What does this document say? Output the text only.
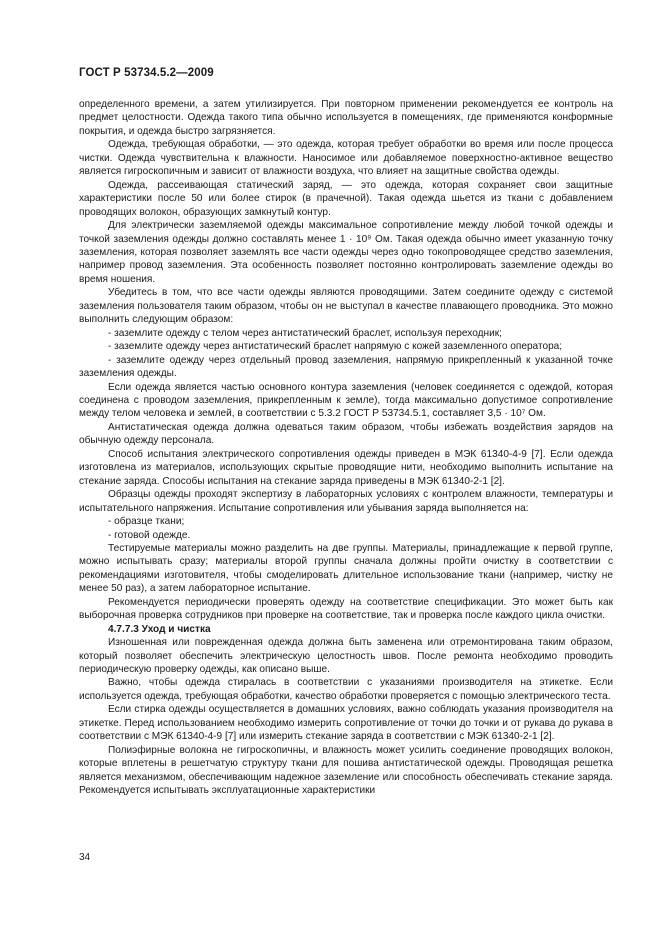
ГОСТ Р 53734.5.2—2009

определенного времени, а затем утилизируется. При повторном применении рекомендуется ее контроль на предмет целостности. Одежда такого типа обычно используется в помещениях, где применяются конформные покрытия, и одежда быстро загрязняется.

Одежда, требующая обработки, — это одежда, которая требует обработки во время или после процесса чистки. Одежда чувствительна к влажности. Наносимое или добавляемое поверхностно-активное вещество является гигроскопичным и зависит от влажности воздуха, что влияет на защитные свойства одежды.

Одежда, рассеивающая статический заряд, — это одежда, которая сохраняет свои защитные характеристики после 50 или более стирок (в прачечной). Такая одежда шьется из ткани с добавлением проводящих волокон, образующих замкнутый контур.

Для электрически заземляемой одежды максимальное сопротивление между любой точкой одежды и точкой заземления одежды должно составлять менее 1 · 10⁹ Ом. Такая одежда обычно имеет указанную точку заземления, которая позволяет заземлять все части одежды через одно токопроводящее средство заземления, например провод заземления. Эта особенность позволяет постоянно контролировать заземление одежды во время ношения.

Убедитесь в том, что все части одежды являются проводящими. Затем соедините одежду с системой заземления пользователя таким образом, чтобы он не выступал в качестве плавающего проводника. Это можно выполнить следующим образом:

- заземлите одежду с телом через антистатический браслет, используя переходник;

- заземлите одежду через антистатический браслет напрямую с кожей заземленного оператора;

- заземлите одежду через отдельный провод заземления, напрямую прикрепленный к указанной точке заземления одежды.

Если одежда является частью основного контура заземления (человек соединяется с одеждой, которая соединена с проводом заземления, прикрепленным к земле), тогда максимально допустимое сопротивление между телом человека и землей, в соответствии с 5.3.2 ГОСТ Р 53734.5.1, составляет 3,5 · 10⁷ Ом.

Антистатическая одежда должна одеваться таким образом, чтобы избежать воздействия зарядов на обычную одежду персонала.

Способ испытания электрического сопротивления одежды приведен в МЭК 61340-4-9 [7]. Если одежда изготовлена из материалов, использующих скрытые проводящие нити, необходимо выполнить испытание на стекание заряда. Способы испытания на стекание заряда приведены в МЭК 61340-2-1 [2].

Образцы одежды проходят экспертизу в лабораторных условиях с контролем влажности, температуры и испытательного напряжения. Испытание сопротивления или убывания заряда выполняется на:

- образце ткани;

- готовой одежде.

Тестируемые материалы можно разделить на две группы. Материалы, принадлежащие к первой группе, можно испытывать сразу; материалы второй группы сначала должны пройти очистку в соответствии с рекомендациями изготовителя, чтобы смоделировать длительное использование ткани (например, чистку не менее 50 раз), а затем лабораторное испытание.

Рекомендуется периодически проверять одежду на соответствие спецификации. Это может быть как выборочная проверка сотрудников при проверке на соответствие, так и проверка после каждого цикла очистки.

4.7.7.3 Уход и чистка

Изношенная или поврежденная одежда должна быть заменена или отремонтирована таким образом, который позволяет обеспечить электрическую целостность швов. После ремонта необходимо проводить периодическую проверку одежды, как описано выше.

Важно, чтобы одежда стиралась в соответствии с указаниями производителя на этикетке. Если используется одежда, требующая обработки, качество обработки проверяется с помощью электрического теста.

Если стирка одежды осуществляется в домашних условиях, важно соблюдать указания производителя на этикетке. Перед использованием необходимо измерить сопротивление от точки до точки и от рукава до рукава в соответствии с МЭК 61340-4-9 [7] или измерить стекание заряда в соответствии с МЭК 61340-2-1 [2].

Полиэфирные волокна не гигроскопичны, и влажность может усилить соединение проводящих волокон, которые вплетены в решетчатую структуру ткани для пошива антистатической одежды. Проводящая решетка является механизмом, обеспечивающим надежное заземление или способность обеспечивать стекание заряда. Рекомендуется испытывать эксплуатационные характеристики

34
